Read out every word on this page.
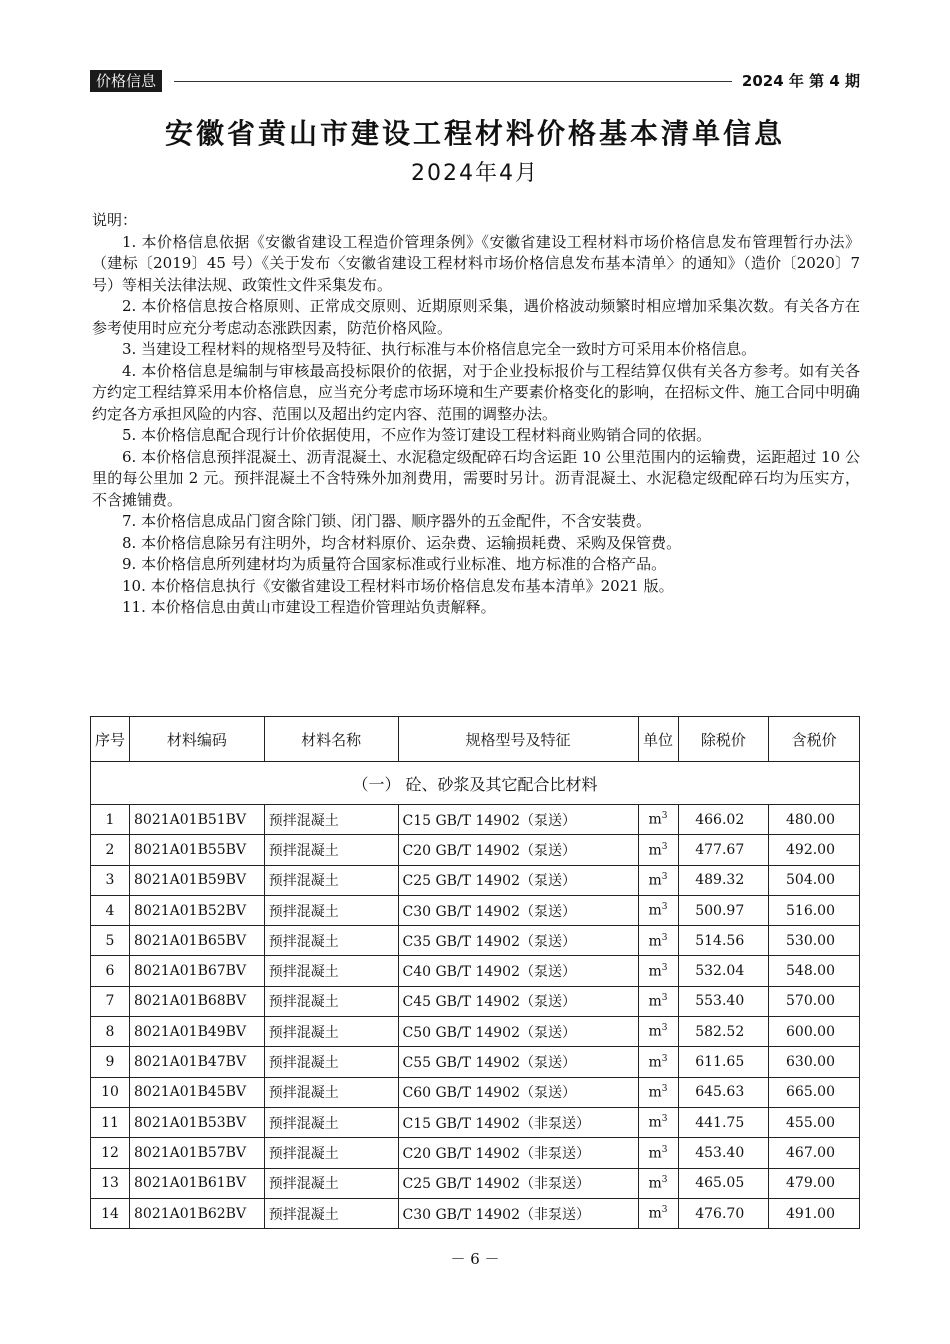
价格信息	2024 年 第 4 期
安徽省黄山市建设工程材料价格基本清单信息
2024年4月

说明：

1. 本价格信息依据《安徽省建设工程造价管理条例》《安徽省建设工程材料市场价格信息发布管理暂行办法》（建标〔2019〕45 号）《关于发布〈安徽省建设工程材料市场价格信息发布基本清单〉的通知》（造价〔2020〕7 号）等相关法律法规、政策性文件采集发布。

2. 本价格信息按合格原则、正常成交原则、近期原则采集，遇价格波动频繁时相应增加采集次数。有关各方在参考使用时应充分考虑动态涨跌因素，防范价格风险。

3. 当建设工程材料的规格型号及特征、执行标准与本价格信息完全一致时方可采用本价格信息。

4. 本价格信息是编制与审核最高投标限价的依据，对于企业投标报价与工程结算仅供有关各方参考。如有关各方约定工程结算采用本价格信息，应当充分考虑市场环境和生产要素价格变化的影响，在招标文件、施工合同中明确约定各方承担风险的内容、范围以及超出约定内容、范围的调整办法。

5. 本价格信息配合现行计价依据使用，不应作为签订建设工程材料商业购销合同的依据。

6. 本价格信息预拌混凝土、沥青混凝土、水泥稳定级配碎石均含运距 10 公里范围内的运输费，运距超过 10 公里的每公里加 2 元。预拌混凝土不含特殊外加剂费用，需要时另计。沥青混凝土、水泥稳定级配碎石均为压实方，不含摊铺费。

7. 本价格信息成品门窗含除门锁、闭门器、顺序器外的五金配件，不含安装费。

8. 本价格信息除另有注明外，均含材料原价、运杂费、运输损耗费、采购及保管费。

9. 本价格信息所列建材均为质量符合国家标准或行业标准、地方标准的合格产品。

10. 本价格信息执行《安徽省建设工程材料市场价格信息发布基本清单》2021 版。

11. 本价格信息由黄山市建设工程造价管理站负责解释。

序号	材料编码	材料名称	规格型号及特征	单位	除税价	含税价
（一） 砼、砂浆及其它配合比材料						
1	8021A01B51BV	预拌混凝土	C15 GB/T 14902（泵送）	$m^3$	466.02	480.00
2	8021A01B55BV	预拌混凝土	C20 GB/T 14902（泵送）	$m^3$	477.67	492.00
3	8021A01B59BV	预拌混凝土	C25 GB/T 14902（泵送）	$m^3$	489.32	504.00
4	8021A01B52BV	预拌混凝土	C30 GB/T 14902（泵送）	$m^3$	500.97	516.00
5	8021A01B65BV	预拌混凝土	C35 GB/T 14902（泵送）	$m^3$	514.56	530.00
6	8021A01B67BV	预拌混凝土	C40 GB/T 14902（泵送）	$m^3$	532.04	548.00
7	8021A01B68BV	预拌混凝土	C45 GB/T 14902（泵送）	$m^3$	553.40	570.00
8	8021A01B49BV	预拌混凝土	C50 GB/T 14902（泵送）	$m^3$	582.52	600.00
9	8021A01B47BV	预拌混凝土	C55 GB/T 14902（泵送）	$m^3$	611.65	630.00
10	8021A01B45BV	预拌混凝土	C60 GB/T 14902（泵送）	$m^3$	645.63	665.00
11	8021A01B53BV	预拌混凝土	C15 GB/T 14902（非泵送）	$m^3$	441.75	455.00
12	8021A01B57BV	预拌混凝土	C20 GB/T 14902（非泵送）	$m^3$	453.40	467.00
13	8021A01B61BV	预拌混凝土	C25 GB/T 14902（非泵送）	$m^3$	465.05	479.00
14	8021A01B62BV	预拌混凝土	C30 GB/T 14902（非泵送）	$m^3$	476.70	491.00
－ 6 －
